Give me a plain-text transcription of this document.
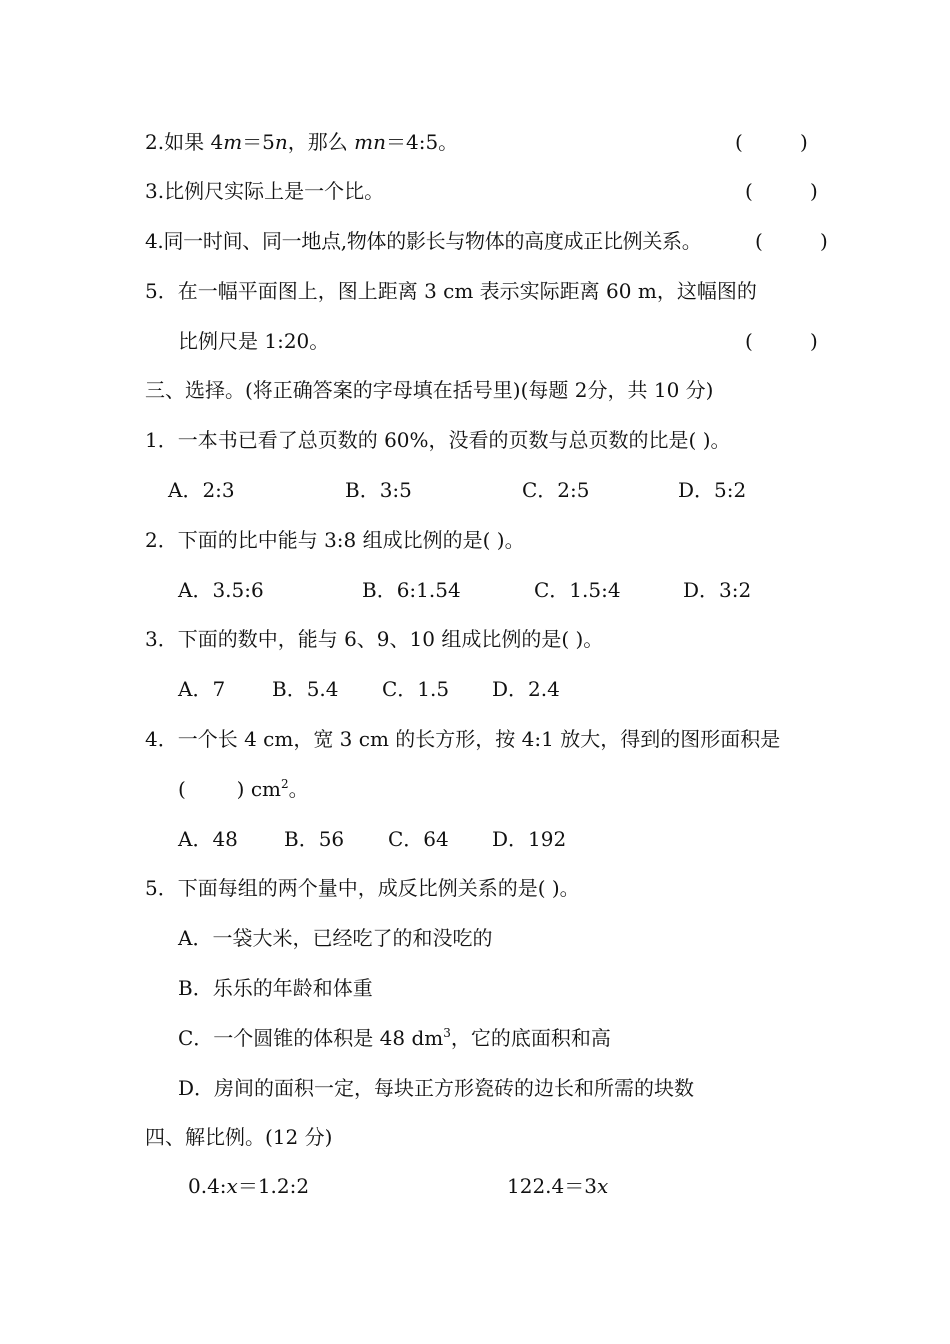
2.如果 4m＝5n，那么 mn＝4:5。	(         )
3.比例尺实际上是一个比。	(         )
4.同一时间、同一地点,物体的影长与物体的高度成正比例关系。	(         )
5．在一幅平面图上，图上距离 3 cm 表示实际距离 60 m，这幅图的
比例尺是 1:20。	(         )
三、选择。(将正确答案的字母填在括号里)(每题 2分，共 10 分)
1．一本书已看了总页数的 60%，没看的页数与总页数的比是( )。
A．2:3	B．3:5	C．2:5	D．5:2
2．下面的比中能与 3:8 组成比例的是( )。
A．3.5:6	B．6:1.54	C．1.5:4	D．3:2
3．下面的数中，能与 6、9、10 组成比例的是( )。
A．7 B．5.4 C．1.5 D．2.4
4．一个长 4 cm，宽 3 cm 的长方形，按 4:1 放大，得到的图形面积是
(        ) $cm^2$。
A．48 B．56 C．64 D．192
5．下面每组的两个量中，成反比例关系的是( )。
A．一袋大米，已经吃了的和没吃的
B．乐乐的年龄和体重
C．一个圆锥的体积是 48 $dm^3$，它的底面积和高
D．房间的面积一定，每块正方形瓷砖的边长和所需的块数
四、解比例。(12 分)
0.4:x＝1.2:2	122.4＝3x
